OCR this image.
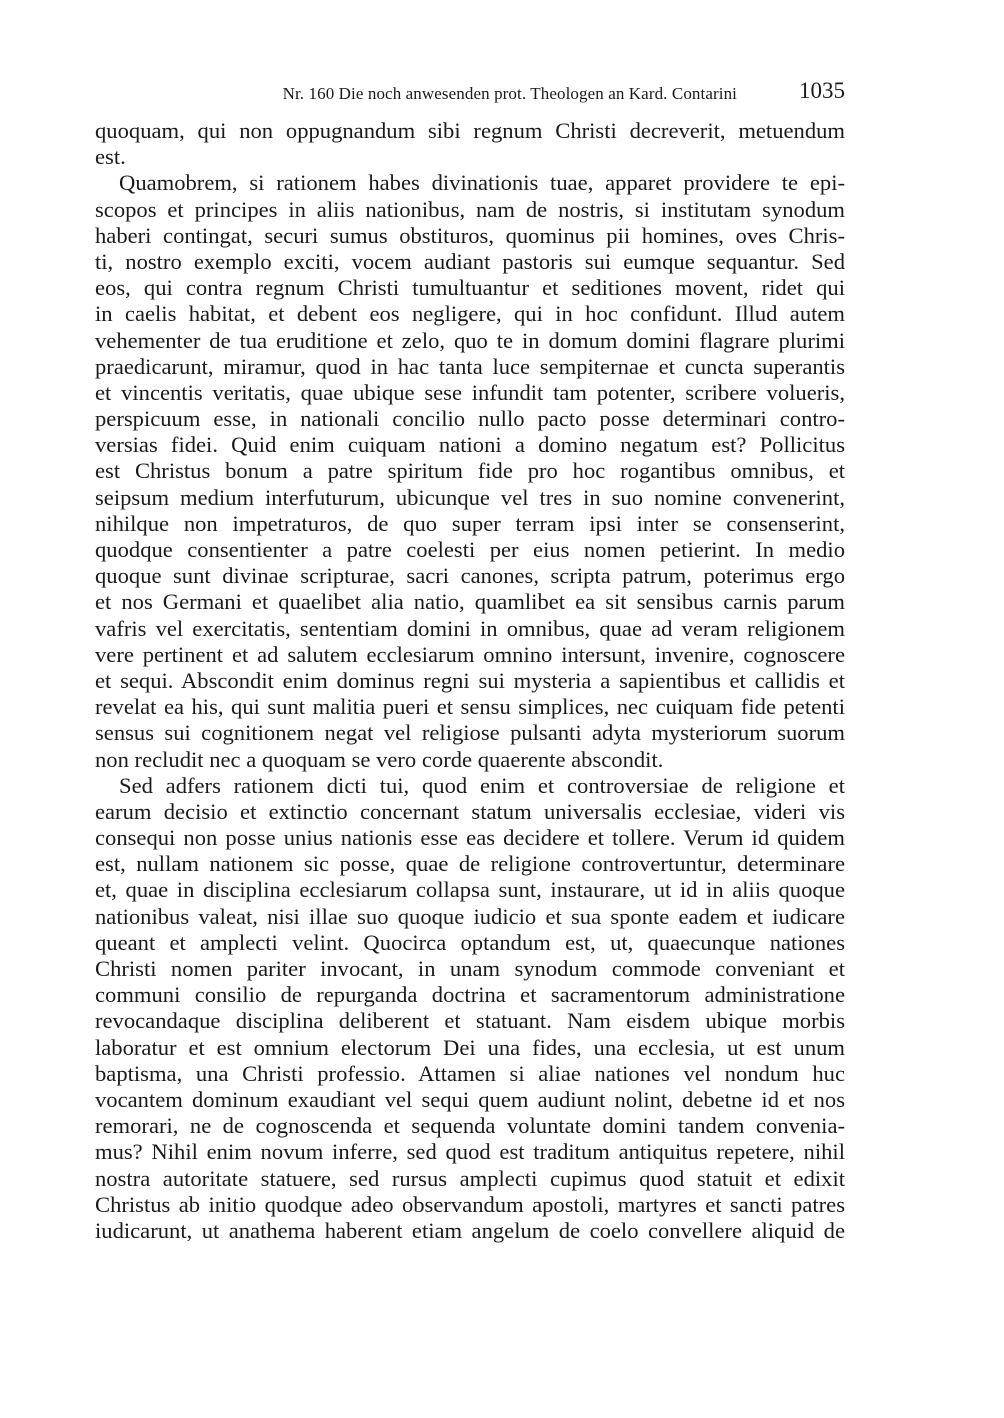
Nr. 160 Die noch anwesenden prot. Theologen an Kard. Contarini	1035
quoquam, qui non oppugnandum sibi regnum Christi decreverit, metuendum
est.
Quamobrem, si rationem habes divinationis tuae, apparet providere te epi-
scopos et principes in aliis nationibus, nam de nostris, si institutam synodum
haberi contingat, securi sumus obstituros, quominus pii homines, oves Chris-
ti, nostro exemplo exciti, vocem audiant pastoris sui eumque sequantur. Sed
eos, qui contra regnum Christi tumultuantur et seditiones movent, ridet qui
in caelis habitat, et debent eos negligere, qui in hoc confidunt. Illud autem
vehementer de tua eruditione et zelo, quo te in domum domini flagrare plurimi
praedicarunt, miramur, quod in hac tanta luce sempiternae et cuncta superantis
et vincentis veritatis, quae ubique sese infundit tam potenter, scribere volueris,
perspicuum esse, in nationali concilio nullo pacto posse determinari contro-
versias fidei. Quid enim cuiquam nationi a domino negatum est? Pollicitus
est Christus bonum a patre spiritum fide pro hoc rogantibus omnibus, et
seipsum medium interfuturum, ubicunque vel tres in suo nomine convenerint,
nihilque non impetraturos, de quo super terram ipsi inter se consenserint,
quodque consentienter a patre coelesti per eius nomen petierint. In medio
quoque sunt divinae scripturae, sacri canones, scripta patrum, poterimus ergo
et nos Germani et quaelibet alia natio, quamlibet ea sit sensibus carnis parum
vafris vel exercitatis, sententiam domini in omnibus, quae ad veram religionem
vere pertinent et ad salutem ecclesiarum omnino intersunt, invenire, cognoscere
et sequi. Abscondit enim dominus regni sui mysteria a sapientibus et callidis et
revelat ea his, qui sunt malitia pueri et sensu simplices, nec cuiquam fide petenti
sensus sui cognitionem negat vel religiose pulsanti adyta mysteriorum suorum
non recludit nec a quoquam se vero corde quaerente abscondit.
Sed adfers rationem dicti tui, quod enim et controversiae de religione et
earum decisio et extinctio concernant statum universalis ecclesiae, videri vis
consequi non posse unius nationis esse eas decidere et tollere. Verum id quidem
est, nullam nationem sic posse, quae de religione controvertuntur, determinare
et, quae in disciplina ecclesiarum collapsa sunt, instaurare, ut id in aliis quoque
nationibus valeat, nisi illae suo quoque iudicio et sua sponte eadem et iudicare
queant et amplecti velint. Quocirca optandum est, ut, quaecunque nationes
Christi nomen pariter invocant, in unam synodum commode conveniant et
communi consilio de repurganda doctrina et sacramentorum administratione
revocandaque disciplina deliberent et statuant. Nam eisdem ubique morbis
laboratur et est omnium electorum Dei una fides, una ecclesia, ut est unum
baptisma, una Christi professio. Attamen si aliae nationes vel nondum huc
vocantem dominum exaudiant vel sequi quem audiunt nolint, debetne id et nos
remorari, ne de cognoscenda et sequenda voluntate domini tandem convenia-
mus? Nihil enim novum inferre, sed quod est traditum antiquitus repetere, nihil
nostra autoritate statuere, sed rursus amplecti cupimus quod statuit et edixit
Christus ab initio quodque adeo observandum apostoli, martyres et sancti patres
iudicarunt, ut anathema haberent etiam angelum de coelo convellere aliquid de
